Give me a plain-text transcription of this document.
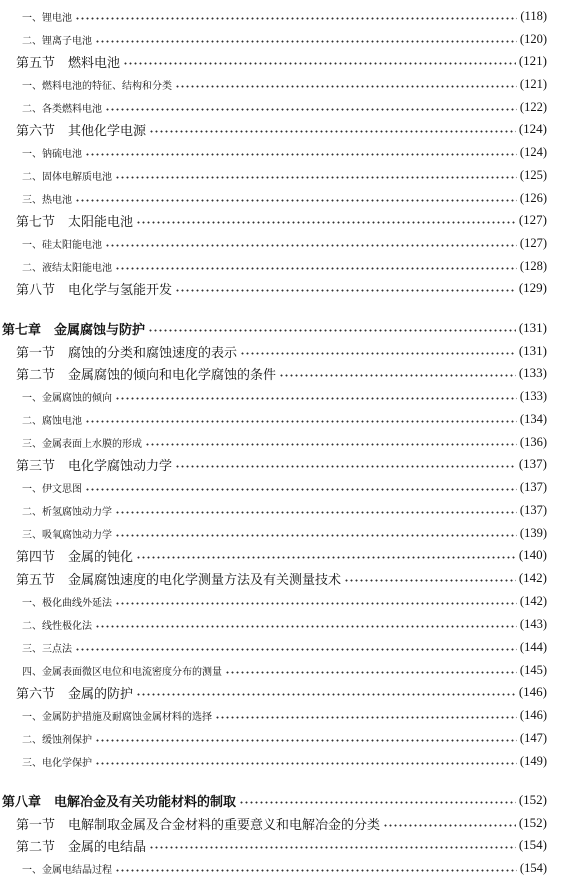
一、锂电池	(118)
二、锂离子电池	(120)
第五节　燃料电池	(121)
一、燃料电池的特征、结构和分类	(121)
二、各类燃料电池	(122)
第六节　其他化学电源	(124)
一、钠硫电池	(124)
二、固体电解质电池	(125)
三、热电池	(126)
第七节　太阳能电池	(127)
一、硅太阳能电池	(127)
二、液结太阳能电池	(128)
第八节　电化学与氢能开发	(129)
第七章　金属腐蚀与防护	(131)
第一节　腐蚀的分类和腐蚀速度的表示	(131)
第二节　金属腐蚀的倾向和电化学腐蚀的条件	(133)
一、金属腐蚀的倾向	(133)
二、腐蚀电池	(134)
三、金属表面上水膜的形成	(136)
第三节　电化学腐蚀动力学	(137)
一、伊文思图	(137)
二、析氢腐蚀动力学	(137)
三、吸氧腐蚀动力学	(139)
第四节　金属的钝化	(140)
第五节　金属腐蚀速度的电化学测量方法及有关测量技术	(142)
一、极化曲线外延法	(142)
二、线性极化法	(143)
三、三点法	(144)
四、金属表面微区电位和电流密度分布的测量	(145)
第六节　金属的防护	(146)
一、金属防护措施及耐腐蚀金属材料的选择	(146)
二、缓蚀剂保护	(147)
三、电化学保护	(149)
第八章　电解冶金及有关功能材料的制取	(152)
第一节　电解制取金属及合金材料的重要意义和电解冶金的分类	(152)
第二节　金属的电结晶	(154)
一、金属电结晶过程	(154)
